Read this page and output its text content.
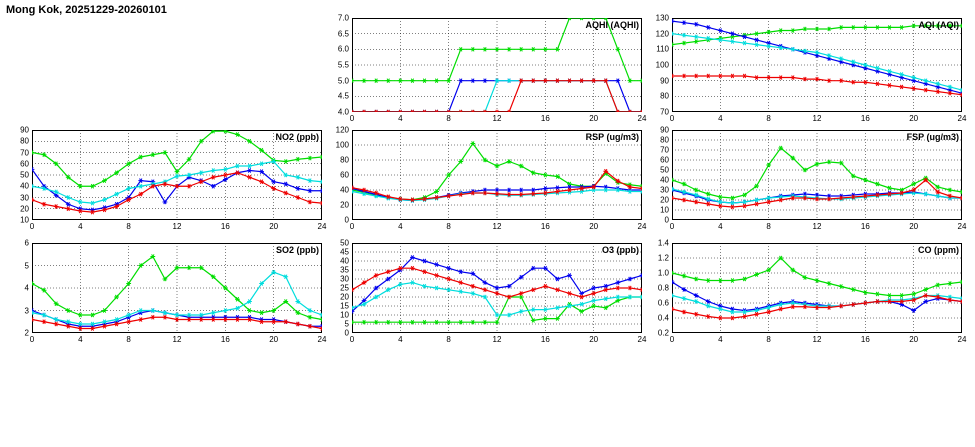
Mong Kok, 20251229-20260101
AQHI (AQHI)
4.0
4.5
5.0
5.5
6.0
6.5
7.0
0	4	8	12	16	20	24
AQI (AQI)
70
80
90
100
110
120
130
0	4	8	12	16	20	24
NO2 (ppb)
10
20
30
40
50
60
70
80
90
0	4	8	12	16	20	24
RSP (ug/m3)
0
20
40
60
80
100
120
0	4	8	12	16	20	24
FSP (ug/m3)
0
10
20
30
40
50
60
70
80
90
0	4	8	12	16	20	24
SO2 (ppb)
2
3
4
5
6
0	4	8	12	16	20	24
O3 (ppb)
0
5
10
15
20
25
30
35
40
45
50
0	4	8	12	16	20	24
CO (ppm)
0.2
0.4
0.6
0.8
1.0
1.2
1.4
0	4	8	12	16	20	24
